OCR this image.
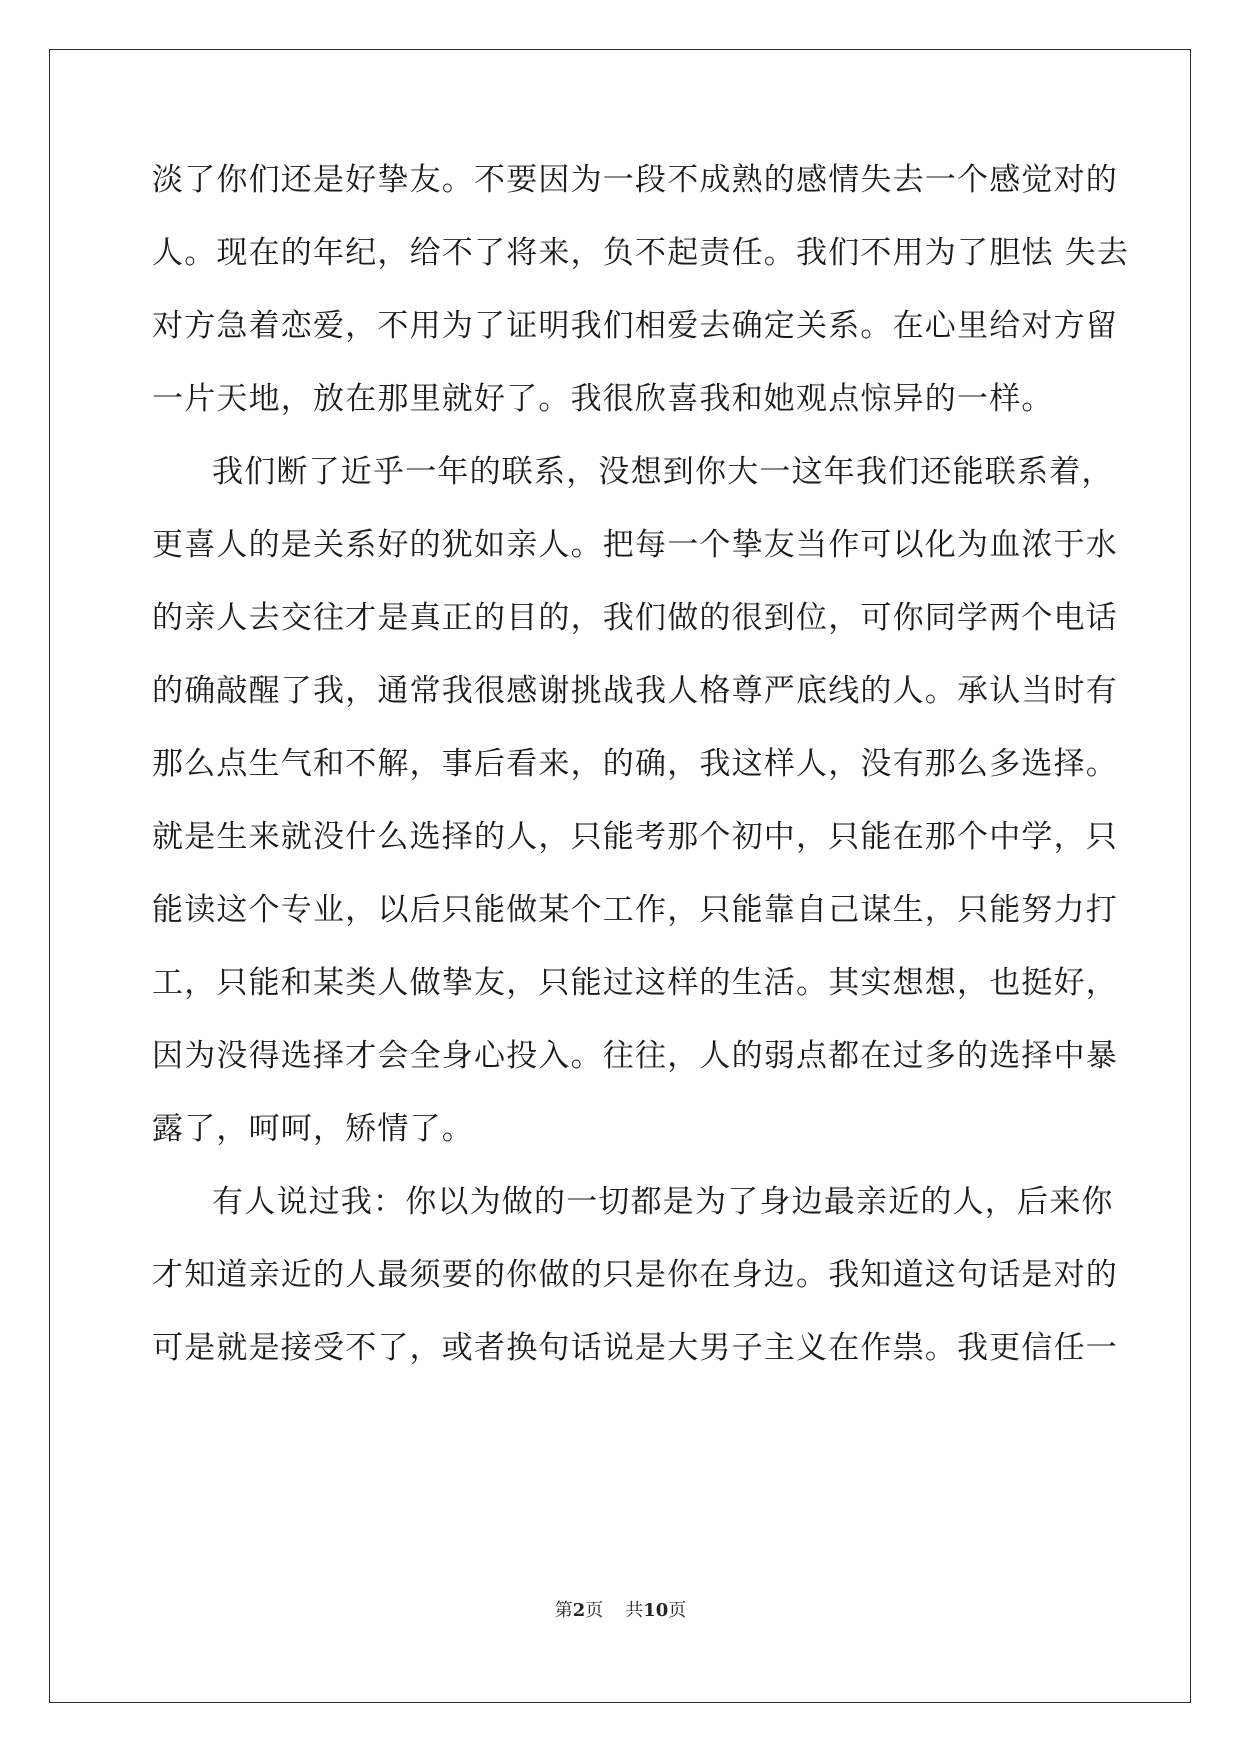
淡了你们还是好挚友。不要因为一段不成熟的感情失去一个感觉对的
人。现在的年纪，给不了将来，负不起责任。我们不用为了胆怯 失去
对方急着恋爱，不用为了证明我们相爱去确定关系。在心里给对方留
一片天地，放在那里就好了。我很欣喜我和她观点惊异的一样。
我们断了近乎一年的联系，没想到你大一这年我们还能联系着，
更喜人的是关系好的犹如亲人。把每一个挚友当作可以化为血浓于水
的亲人去交往才是真正的目的，我们做的很到位，可你同学两个电话
的确敲醒了我，通常我很感谢挑战我人格尊严底线的人。承认当时有
那么点生气和不解，事后看来，的确，我这样人，没有那么多选择。
就是生来就没什么选择的人，只能考那个初中，只能在那个中学，只
能读这个专业，以后只能做某个工作，只能靠自己谋生，只能努力打
工，只能和某类人做挚友，只能过这样的生活。其实想想，也挺好，
因为没得选择才会全身心投入。往往，人的弱点都在过多的选择中暴
露了，呵呵，矫情了。
有人说过我：你以为做的一切都是为了身边最亲近的人，后来你
才知道亲近的人最须要的你做的只是你在身边。我知道这句话是对的
可是就是接受不了，或者换句话说是大男子主义在作祟。我更信任一
第2页 共10页
